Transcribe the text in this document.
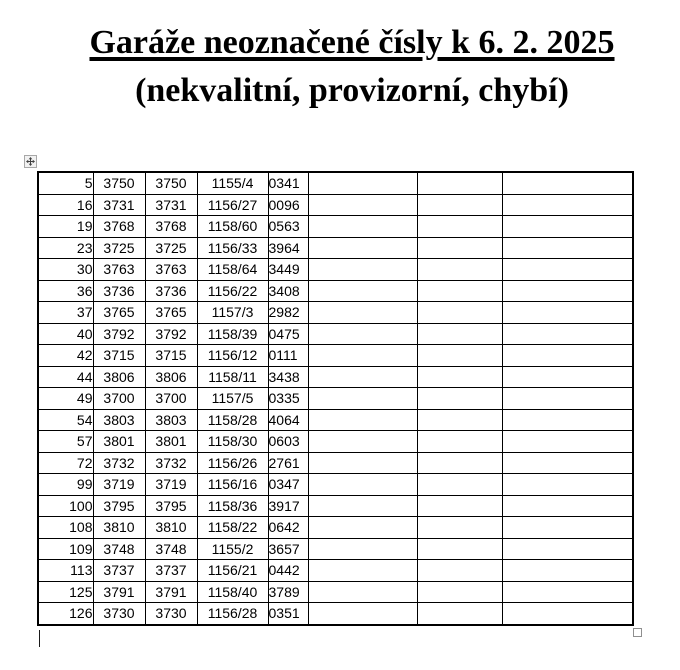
Garáže neoznačené čísly k 6. 2. 2025
(nekvalitní, provizorní, chybí)
5	3750	3750	1155/4	0341			
16	3731	3731	1156/27	0096			
19	3768	3768	1158/60	0563			
23	3725	3725	1156/33	3964			
30	3763	3763	1158/64	3449			
36	3736	3736	1156/22	3408			
37	3765	3765	1157/3	2982			
40	3792	3792	1158/39	0475			
42	3715	3715	1156/12	0111			
44	3806	3806	1158/11	3438			
49	3700	3700	1157/5	0335			
54	3803	3803	1158/28	4064			
57	3801	3801	1158/30	0603			
72	3732	3732	1156/26	2761			
99	3719	3719	1156/16	0347			
100	3795	3795	1158/36	3917			
108	3810	3810	1158/22	0642			
109	3748	3748	1155/2	3657			
113	3737	3737	1156/21	0442			
125	3791	3791	1158/40	3789			
126	3730	3730	1156/28	0351			
